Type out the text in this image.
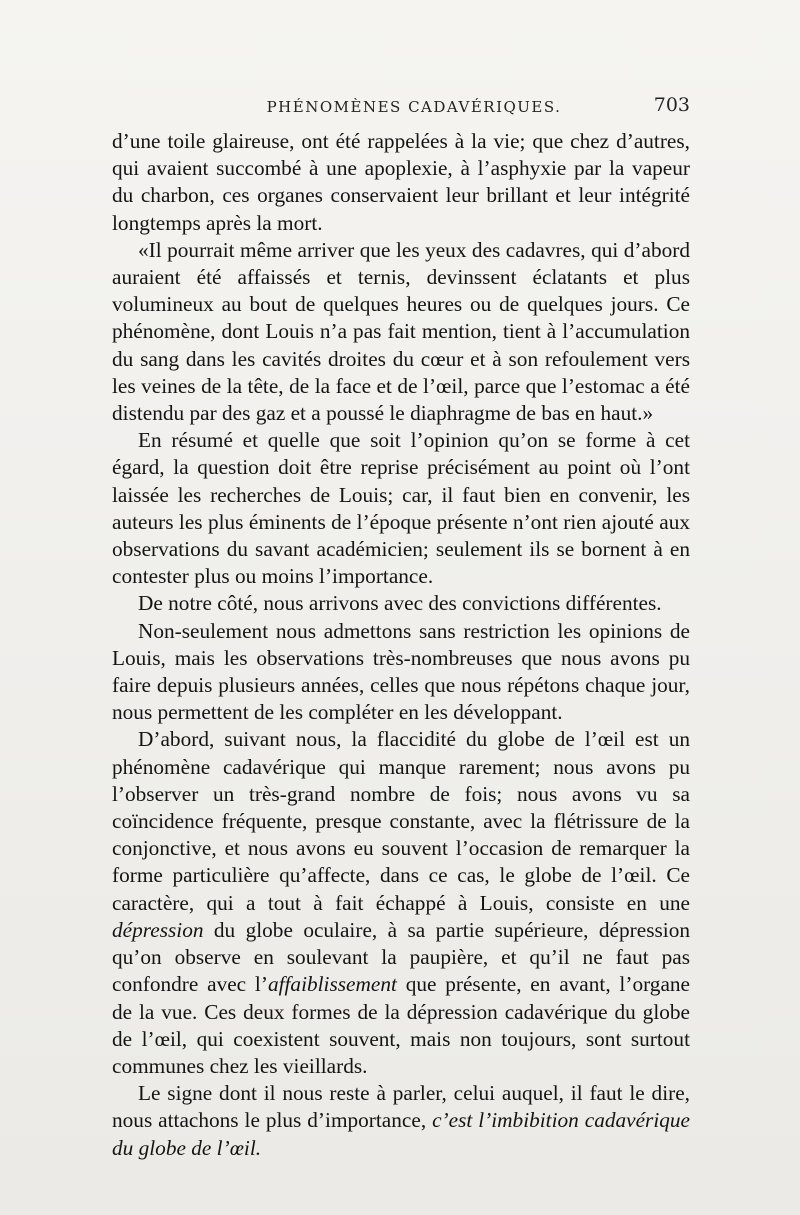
PHÉNOMÈNES CADAVÉRIQUES.	703

d’une toile glaireuse, ont été rappelées à la vie; que chez d’autres, qui avaient succombé à une apoplexie, à l’asphyxie par la vapeur du charbon, ces organes conservaient leur brillant et leur intégrité longtemps après la mort.

«Il pourrait même arriver que les yeux des cadavres, qui d’abord auraient été affaissés et ternis, devinssent éclatants et plus volumineux au bout de quelques heures ou de quelques jours. Ce phénomène, dont Louis n’a pas fait mention, tient à l’accumulation du sang dans les cavités droites du cœur et à son refoulement vers les veines de la tête, de la face et de l’œil, parce que l’estomac a été distendu par des gaz et a poussé le diaphragme de bas en haut.»

En résumé et quelle que soit l’opinion qu’on se forme à cet égard, la question doit être reprise précisément au point où l’ont laissée les recherches de Louis; car, il faut bien en convenir, les auteurs les plus éminents de l’époque présente n’ont rien ajouté aux observations du savant académicien; seulement ils se bornent à en contester plus ou moins l’importance.

De notre côté, nous arrivons avec des convictions différentes.

Non-seulement nous admettons sans restriction les opinions de Louis, mais les observations très-nombreuses que nous avons pu faire depuis plusieurs années, celles que nous répétons chaque jour, nous permettent de les compléter en les développant.

D’abord, suivant nous, la flaccidité du globe de l’œil est un phénomène cadavérique qui manque rarement; nous avons pu l’observer un très-grand nombre de fois; nous avons vu sa coïncidence fréquente, presque constante, avec la flétrissure de la conjonctive, et nous avons eu souvent l’occasion de remarquer la forme particulière qu’affecte, dans ce cas, le globe de l’œil. Ce caractère, qui a tout à fait échappé à Louis, consiste en une dépression du globe oculaire, à sa partie supérieure, dépression qu’on observe en soulevant la paupière, et qu’il ne faut pas confondre avec l’affaiblissement que présente, en avant, l’organe de la vue. Ces deux formes de la dépression cadavérique du globe de l’œil, qui coexistent souvent, mais non toujours, sont surtout communes chez les vieillards.

Le signe dont il nous reste à parler, celui auquel, il faut le dire, nous attachons le plus d’importance, c’est l’imbibition cadavérique du globe de l’œil.
